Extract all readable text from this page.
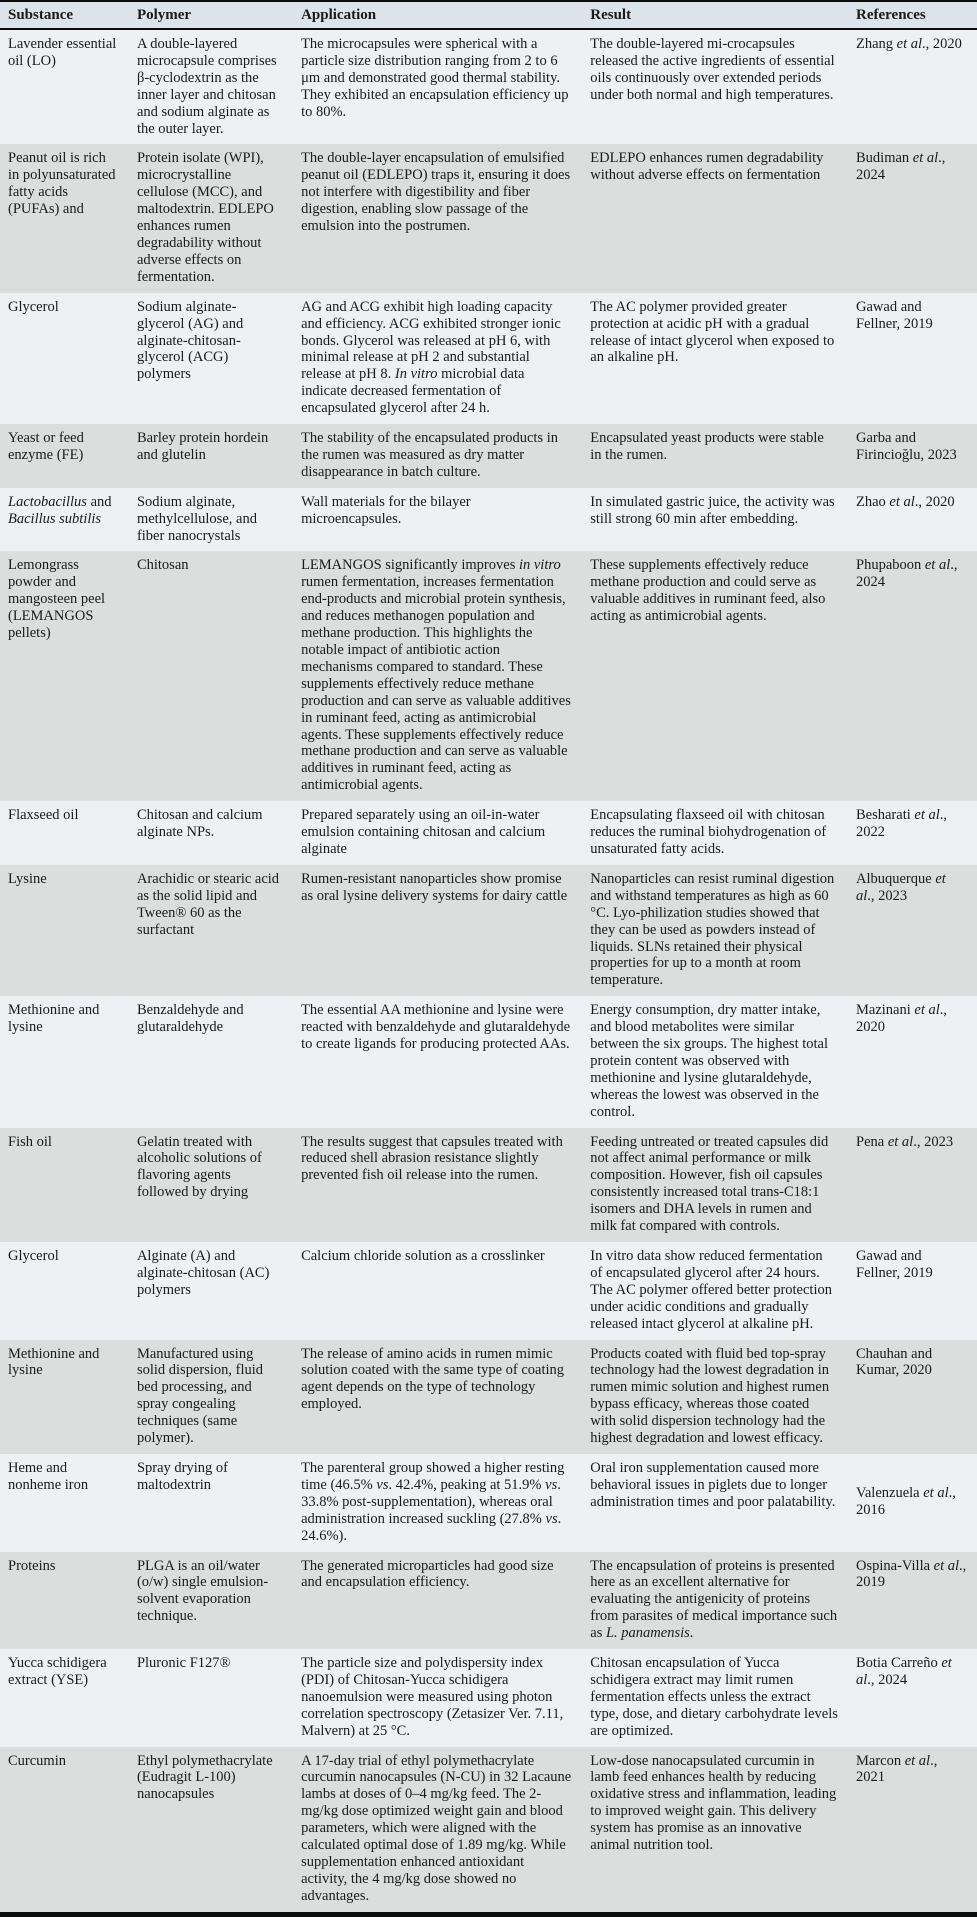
Substance	Polymer	Application	Result	References
Lavender essential oil (LO)	A double-layered microcapsule comprises β-cyclodextrin as the inner layer and chitosan and sodium alginate as the outer layer.	The microcapsules were spherical with a particle size distribution ranging from 2 to 6 μm and demonstrated good thermal stability. They exhibited an encapsulation efficiency up to 80%.	The double-layered mi-crocapsules released the active ingredients of essential oils continuously over extended periods under both normal and high temperatures.	Zhang et al., 2020
Peanut oil is rich in polyunsaturated fatty acids (PUFAs) and	Protein isolate (WPI), microcrystalline cellulose (MCC), and maltodextrin. EDLEPO enhances rumen degradability without adverse effects on fermentation.	The double-layer encapsulation of emulsified peanut oil (EDLEPO) traps it, ensuring it does not interfere with digestibility and fiber digestion, enabling slow passage of the emulsion into the postrumen.	EDLEPO enhances rumen degradability without adverse effects on fermentation	Budiman et al., 2024
Glycerol	Sodium alginate-glycerol (AG) and alginate-chitosan-glycerol (ACG) polymers	AG and ACG exhibit high loading capacity and efficiency. ACG exhibited stronger ionic bonds. Glycerol was released at pH 6, with minimal release at pH 2 and substantial release at pH 8. In vitro microbial data indicate decreased fermentation of encapsulated glycerol after 24 h.	The AC polymer provided greater protection at acidic pH with a gradual release of intact glycerol when exposed to an alkaline pH.	Gawad and Fellner, 2019
Yeast or feed enzyme (FE)	Barley protein hordein and glutelin	The stability of the encapsulated products in the rumen was measured as dry matter disappearance in batch culture.	Encapsulated yeast products were stable in the rumen.	Garba and Firincioğlu, 2023
Lactobacillus and Bacillus subtilis	Sodium alginate, methylcellulose, and fiber nanocrystals	Wall materials for the bilayer microencapsules.	In simulated gastric juice, the activity was still strong 60 min after embedding.	Zhao et al., 2020
Lemongrass powder and mangosteen peel (LEMANGOS pellets)	Chitosan	LEMANGOS significantly improves in vitro rumen fermentation, increases fermentation end-products and microbial protein synthesis, and reduces methanogen population and methane production. This highlights the notable impact of antibiotic action mechanisms compared to standard. These supplements effectively reduce methane production and can serve as valuable additives in ruminant feed, acting as antimicrobial agents. These supplements effectively reduce methane production and can serve as valuable additives in ruminant feed, acting as antimicrobial agents.	These supplements effectively reduce methane production and could serve as valuable additives in ruminant feed, also acting as antimicrobial agents.	Phupaboon et al., 2024
Flaxseed oil	Chitosan and calcium alginate NPs.	Prepared separately using an oil-in-water emulsion containing chitosan and calcium alginate	Encapsulating flaxseed oil with chitosan reduces the ruminal biohydrogenation of unsaturated fatty acids.	Besharati et al., 2022
Lysine	Arachidic or stearic acid as the solid lipid and Tween® 60 as the surfactant	Rumen-resistant nanoparticles show promise as oral lysine delivery systems for dairy cattle	Nanoparticles can resist ruminal digestion and withstand temperatures as high as 60 °C. Lyo-philization studies showed that they can be used as powders instead of liquids. SLNs retained their physical properties for up to a month at room temperature.	Albuquerque et al., 2023
Methionine and lysine	Benzaldehyde and glutaraldehyde	The essential AA methionine and lysine were reacted with benzaldehyde and glutaraldehyde to create ligands for producing protected AAs.	Energy consumption, dry matter intake, and blood metabolites were similar between the six groups. The highest total protein content was observed with methionine and lysine glutaraldehyde, whereas the lowest was observed in the control.	Mazinani et al., 2020
Fish oil	Gelatin treated with alcoholic solutions of flavoring agents followed by drying	The results suggest that capsules treated with reduced shell abrasion resistance slightly prevented fish oil release into the rumen.	Feeding untreated or treated capsules did not affect animal performance or milk composition. However, fish oil capsules consistently increased total trans-C18:1 isomers and DHA levels in rumen and milk fat compared with controls.	Pena et al., 2023
Glycerol	Alginate (A) and alginate-chitosan (AC) polymers	Calcium chloride solution as a crosslinker	In vitro data show reduced fermentation of encapsulated glycerol after 24 hours. The AC polymer offered better protection under acidic conditions and gradually released intact glycerol at alkaline pH.	Gawad and Fellner, 2019
Methionine and lysine	Manufactured using solid dispersion, fluid bed processing, and spray congealing techniques (same polymer).	The release of amino acids in rumen mimic solution coated with the same type of coating agent depends on the type of technology employed.	Products coated with fluid bed top-spray technology had the lowest degradation in rumen mimic solution and highest rumen bypass efficacy, whereas those coated with solid dispersion technology had the highest degradation and lowest efficacy.	Chauhan and Kumar, 2020
Heme and nonheme iron	Spray drying of maltodextrin	The parenteral group showed a higher resting time (46.5% vs. 42.4%, peaking at 51.9% vs. 33.8% post-supplementation), whereas oral administration increased suckling (27.8% vs. 24.6%).	Oral iron supplementation caused more behavioral issues in piglets due to longer administration times and poor palatability.	Valenzuela et al., 2016
Proteins	PLGA is an oil/water (o/w) single emulsion-solvent evaporation technique.	The generated microparticles had good size and encapsulation efficiency.	The encapsulation of proteins is presented here as an excellent alternative for evaluating the antigenicity of proteins from parasites of medical importance such as L. panamensis.	Ospina-Villa et al., 2019
Yucca schidigera extract (YSE)	Pluronic F127®	The particle size and polydispersity index (PDI) of Chitosan-Yucca schidigera nanoemulsion were measured using photon correlation spectroscopy (Zetasizer Ver. 7.11, Malvern) at 25 °C.	Chitosan encapsulation of Yucca schidigera extract may limit rumen fermentation effects unless the extract type, dose, and dietary carbohydrate levels are optimized.	Botia Carreño et al., 2024
Curcumin	Ethyl polymethacrylate (Eudragit L-100) nanocapsules	A 17-day trial of ethyl polymethacrylate curcumin nanocapsules (N-CU) in 32 Lacaune lambs at doses of 0–4 mg/kg feed. The 2-mg/kg dose optimized weight gain and blood parameters, which were aligned with the calculated optimal dose of 1.89 mg/kg. While supplementation enhanced antioxidant activity, the 4 mg/kg dose showed no advantages.	Low-dose nanocapsulated curcumin in lamb feed enhances health by reducing oxidative stress and inflammation, leading to improved weight gain. This delivery system has promise as an innovative animal nutrition tool.	Marcon et al., 2021
